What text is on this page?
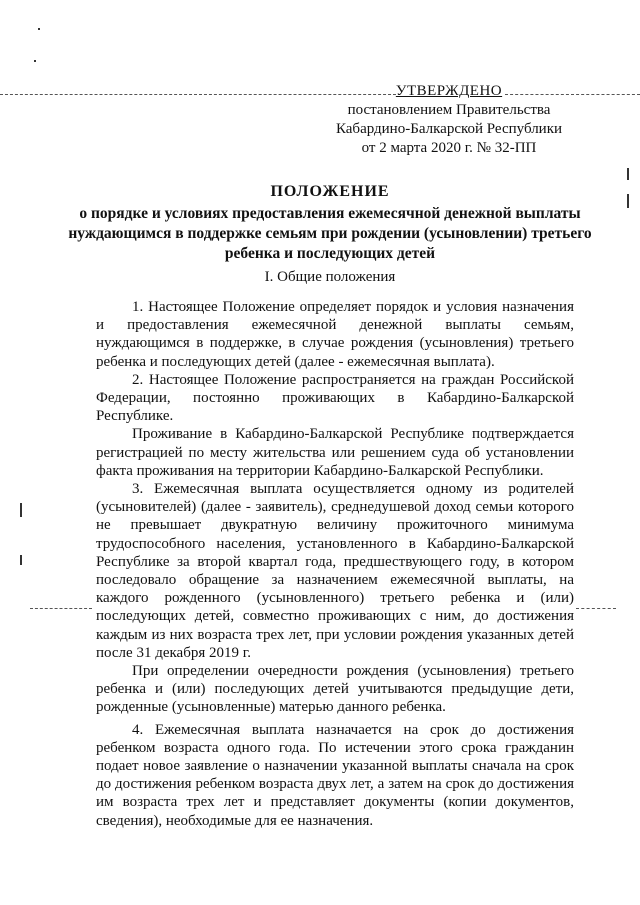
УТВЕРЖДЕНО
постановлением Правительства
Кабардино-Балкарской Республики
от 2 марта 2020 г. № 32-ПП
ПОЛОЖЕНИЕ
о порядке и условиях предоставления ежемесячной денежной выплаты нуждающимся в поддержке семьям при рождении (усыновлении) третьего ребенка и последующих детей
I. Общие положения

1. Настоящее Положение определяет порядок и условия назначения и предоставления ежемесячной денежной выплаты семьям, нуждающимся в поддержке, в случае рождения (усыновления) третьего ребенка и последующих детей (далее - ежемесячная выплата).

2. Настоящее Положение распространяется на граждан Российской Федерации, постоянно проживающих в Кабардино-Балкарской Республике.

Проживание в Кабардино-Балкарской Республике подтверждается регистрацией по месту жительства или решением суда об установлении факта проживания на территории Кабардино-Балкарской Республики.

3. Ежемесячная выплата осуществляется одному из родителей (усыновителей) (далее - заявитель), среднедушевой доход семьи которого не превышает двукратную величину прожиточного минимума трудоспособного населения, установленного в Кабардино-Балкарской Республике за второй квартал года, предшествующего году, в котором последовало обращение за назначением ежемесячной выплаты, на каждого рожденного (усыновленного) третьего ребенка и (или) последующих детей, совместно проживающих с ним, до достижения каждым из них возраста трех лет, при условии рождения указанных детей после 31 декабря 2019 г.

При определении очередности рождения (усыновления) третьего ребенка и (или) последующих детей учитываются предыдущие дети, рожденные (усыновленные) матерью данного ребенка.

4. Ежемесячная выплата назначается на срок до достижения ребенком возраста одного года. По истечении этого срока гражданин подает новое заявление о назначении указанной выплаты сначала на срок до достижения ребенком возраста двух лет, а затем на срок до достижения им возраста трех лет и представляет документы (копии документов, сведения), необходимые для ее назначения.
